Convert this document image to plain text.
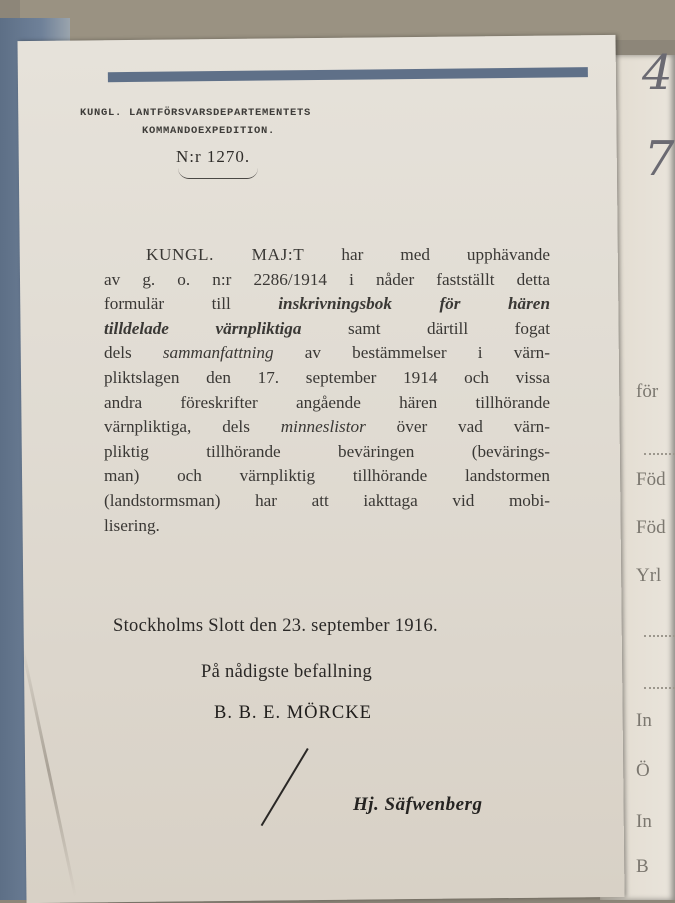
för
Föd
Föd
Yrl
In
Ö
In
B
4
7
KUNGL. LANTFÖRSVARSDEPARTEMENTETS
KOMMANDOEXPEDITION.
N:r 1270.
KUNGL. MAJ:T har med upphävande
av g. o. n:r 2286/1914 i nåder fastställt detta
formulär till inskrivningsbok för hären
tilldelade värnpliktiga samt därtill fogat
dels sammanfattning av bestämmelser i värn-
pliktslagen den 17. september 1914 och vissa
andra föreskrifter angående hären tillhörande
värnpliktiga, dels minneslistor över vad värn-
pliktig tillhörande beväringen (bevärings-
man) och värnpliktig tillhörande landstormen
(landstormsman) har att iakttaga vid mobi-
lisering.
Stockholms Slott den 23. september 1916.
På nådigste befallning
B. B. E. MÖRCKE
Hj. Säfwenberg
